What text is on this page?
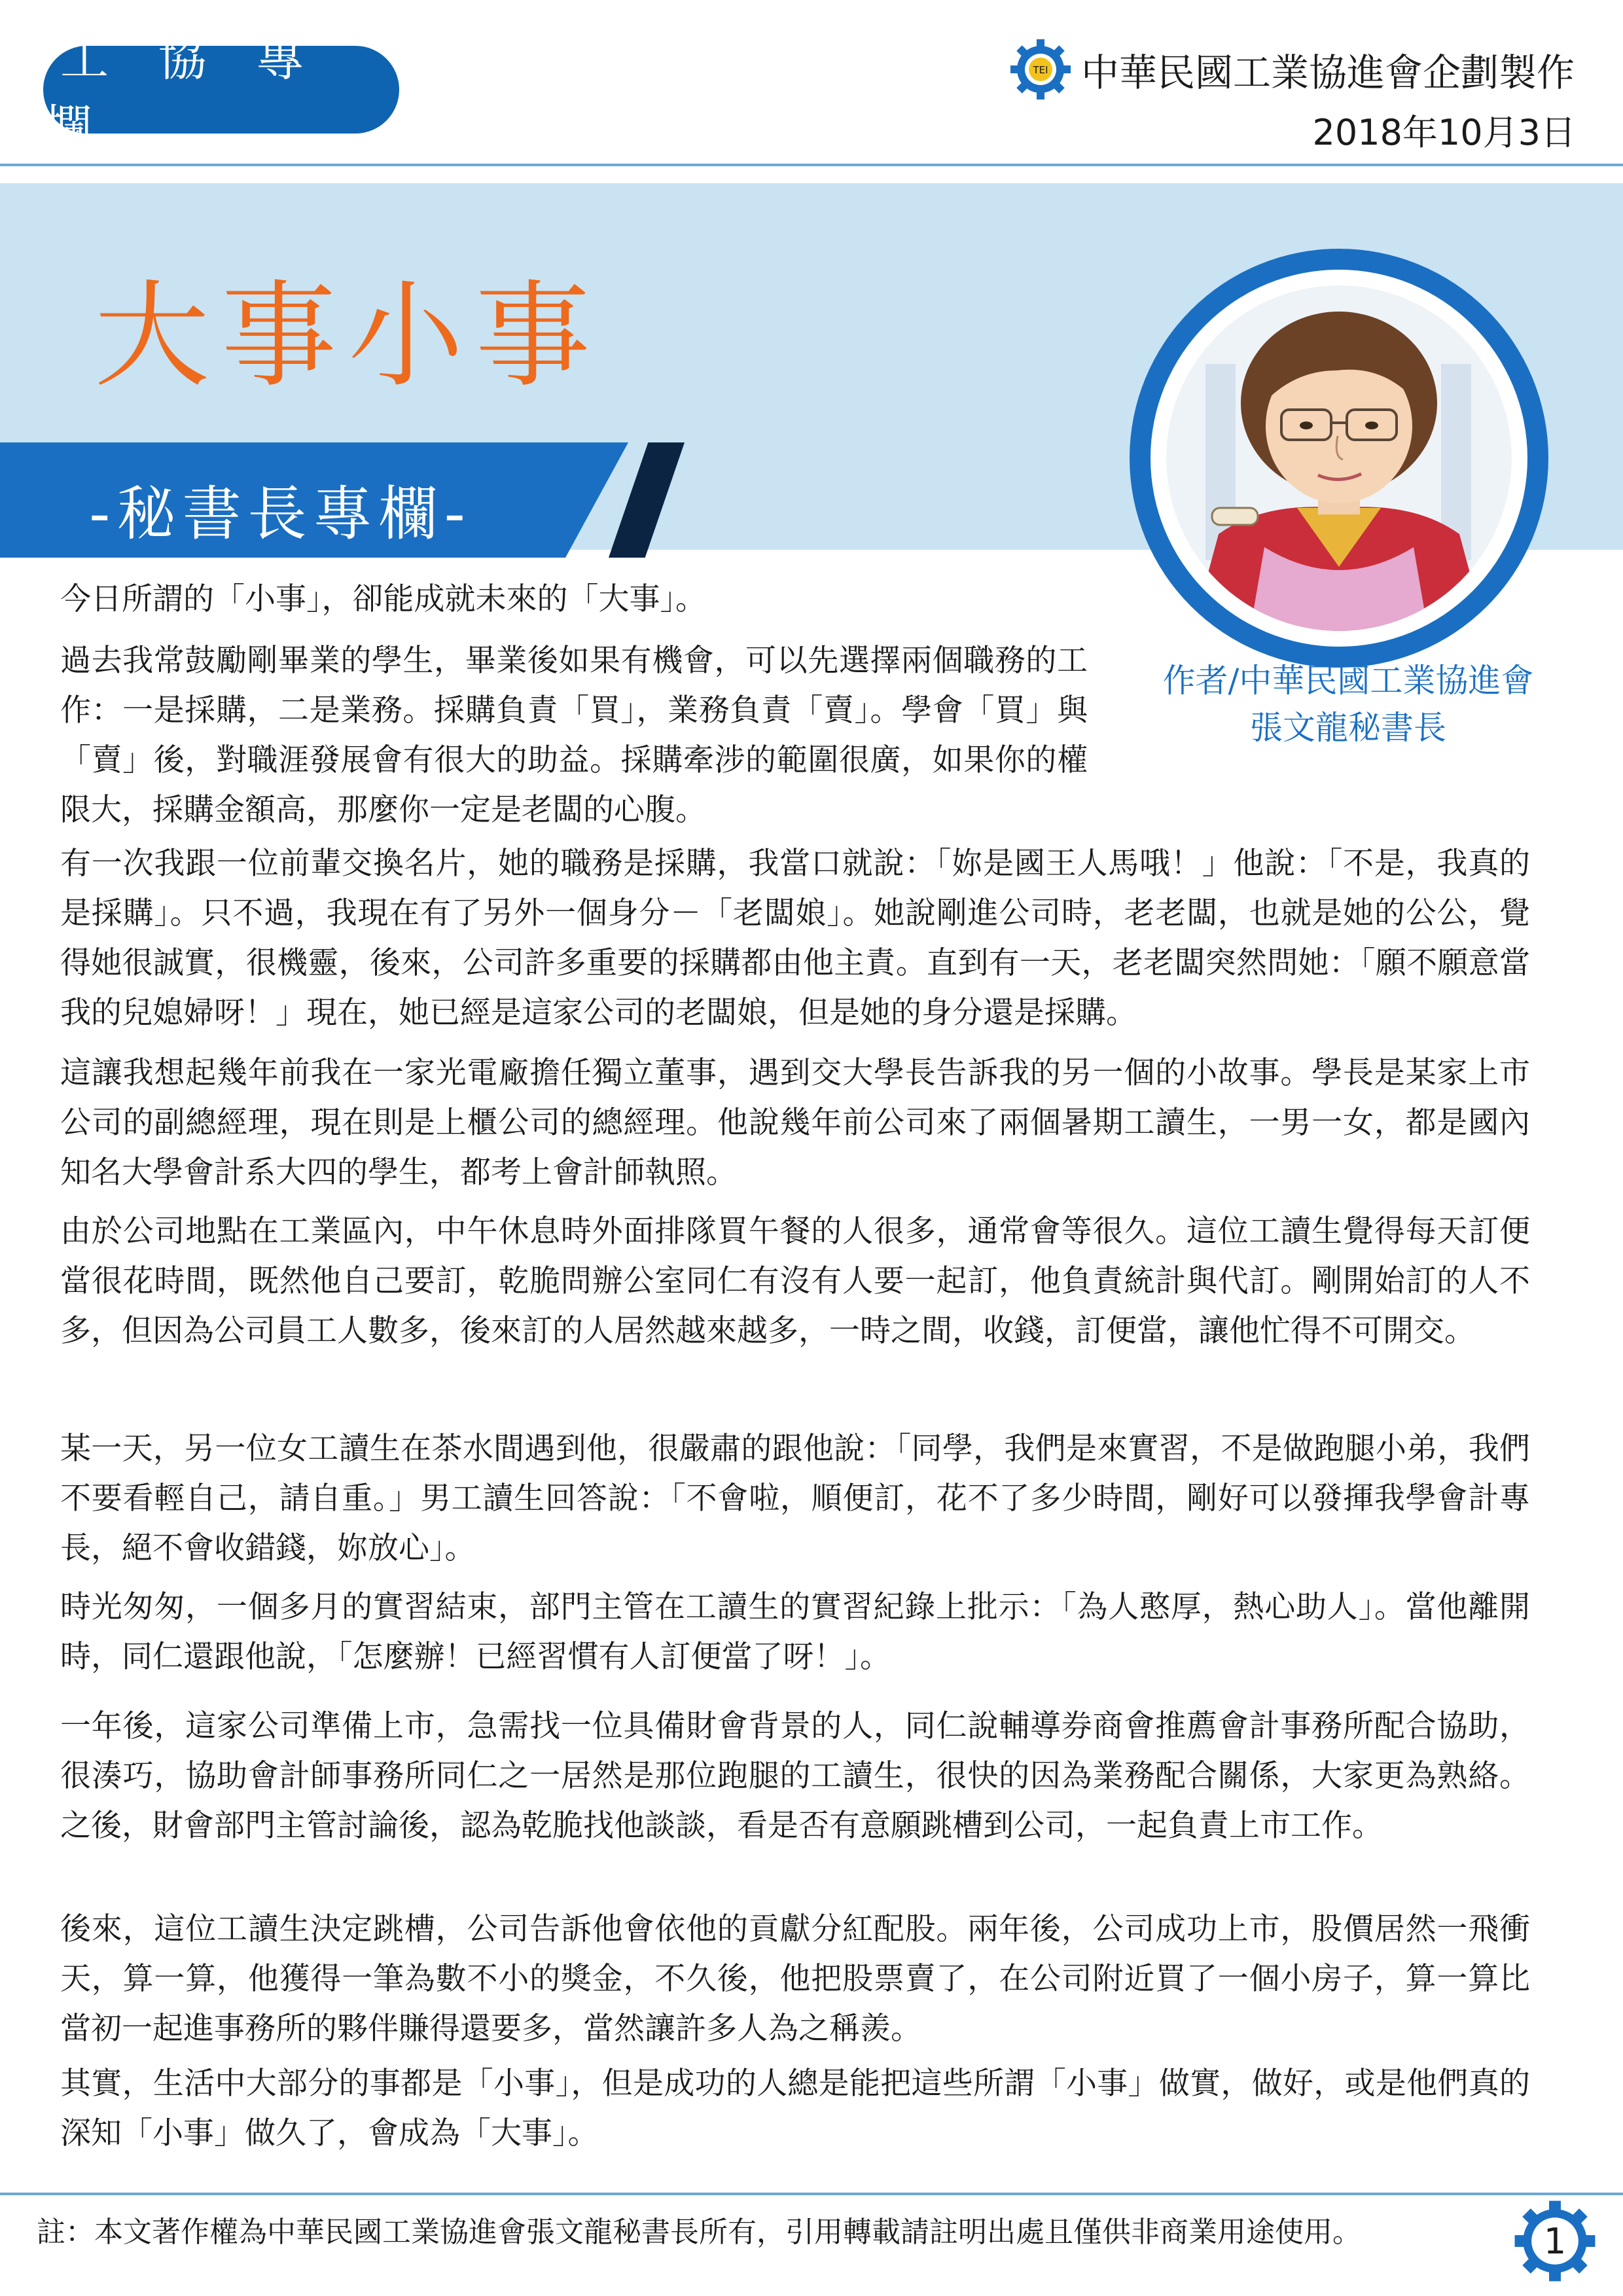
工 協 專 欄
TEI 中華民國工業協進會企劃製作
2018年10月3日
大事小事
-秘書長專欄-
作者/中華民國工業協進會
張文龍秘書長

今日所謂的「小事」，卻能成就未來的「大事」。

過去我常鼓勵剛畢業的學生，畢業後如果有機會，可以先選擇兩個職務的工作：一是採購，二是業務。採購負責「買」，業務負責「賣」。學會「買」與「賣」後，對職涯發展會有很大的助益。採購牽涉的範圍很廣，如果你的權限大，採購金額高，那麼你一定是老闆的心腹。

有一次我跟一位前輩交換名片，她的職務是採購，我當口就說：「妳是國王人馬哦！」他說：「不是，我真的是採購」。只不過，我現在有了另外一個身分－「老闆娘」。她說剛進公司時，老老闆，也就是她的公公，覺得她很誠實，很機靈，後來，公司許多重要的採購都由他主責。直到有一天，老老闆突然問她：「願不願意當我的兒媳婦呀！」現在，她已經是這家公司的老闆娘，但是她的身分還是採購。

這讓我想起幾年前我在一家光電廠擔任獨立董事，遇到交大學長告訴我的另一個的小故事。學長是某家上市公司的副總經理，現在則是上櫃公司的總經理。他說幾年前公司來了兩個暑期工讀生，一男一女，都是國內知名大學會計系大四的學生，都考上會計師執照。

由於公司地點在工業區內，中午休息時外面排隊買午餐的人很多，通常會等很久。這位工讀生覺得每天訂便當很花時間，既然他自己要訂，乾脆問辦公室同仁有沒有人要一起訂，他負責統計與代訂。剛開始訂的人不多，但因為公司員工人數多，後來訂的人居然越來越多，一時之間，收錢，訂便當，讓他忙得不可開交。

某一天，另一位女工讀生在茶水間遇到他，很嚴肅的跟他說：「同學，我們是來實習，不是做跑腿小弟，我們不要看輕自己，請自重。」男工讀生回答說：「不會啦，順便訂，花不了多少時間，剛好可以發揮我學會計專長，絕不會收錯錢，妳放心」。

時光匆匆，一個多月的實習結束，部門主管在工讀生的實習紀錄上批示：「為人憨厚，熱心助人」。當他離開時，同仁還跟他說，「怎麼辦！已經習慣有人訂便當了呀！」。

一年後，這家公司準備上市，急需找一位具備財會背景的人，同仁說輔導券商會推薦會計事務所配合協助，很湊巧，協助會計師事務所同仁之一居然是那位跑腿的工讀生，很快的因為業務配合關係，大家更為熟絡。之後，財會部門主管討論後，認為乾脆找他談談，看是否有意願跳槽到公司，一起負責上市工作。

後來，這位工讀生決定跳槽，公司告訴他會依他的貢獻分紅配股。兩年後，公司成功上市，股價居然一飛衝天，算一算，他獲得一筆為數不小的獎金，不久後，他把股票賣了，在公司附近買了一個小房子，算一算比當初一起進事務所的夥伴賺得還要多，當然讓許多人為之稱羨。

其實，生活中大部分的事都是「小事」，但是成功的人總是能把這些所謂「小事」做實，做好，或是他們真的深知「小事」做久了，會成為「大事」。

註：本文著作權為中華民國工業協進會張文龍秘書長所有，引用轉載請註明出處且僅供非商業用途使用。	1
